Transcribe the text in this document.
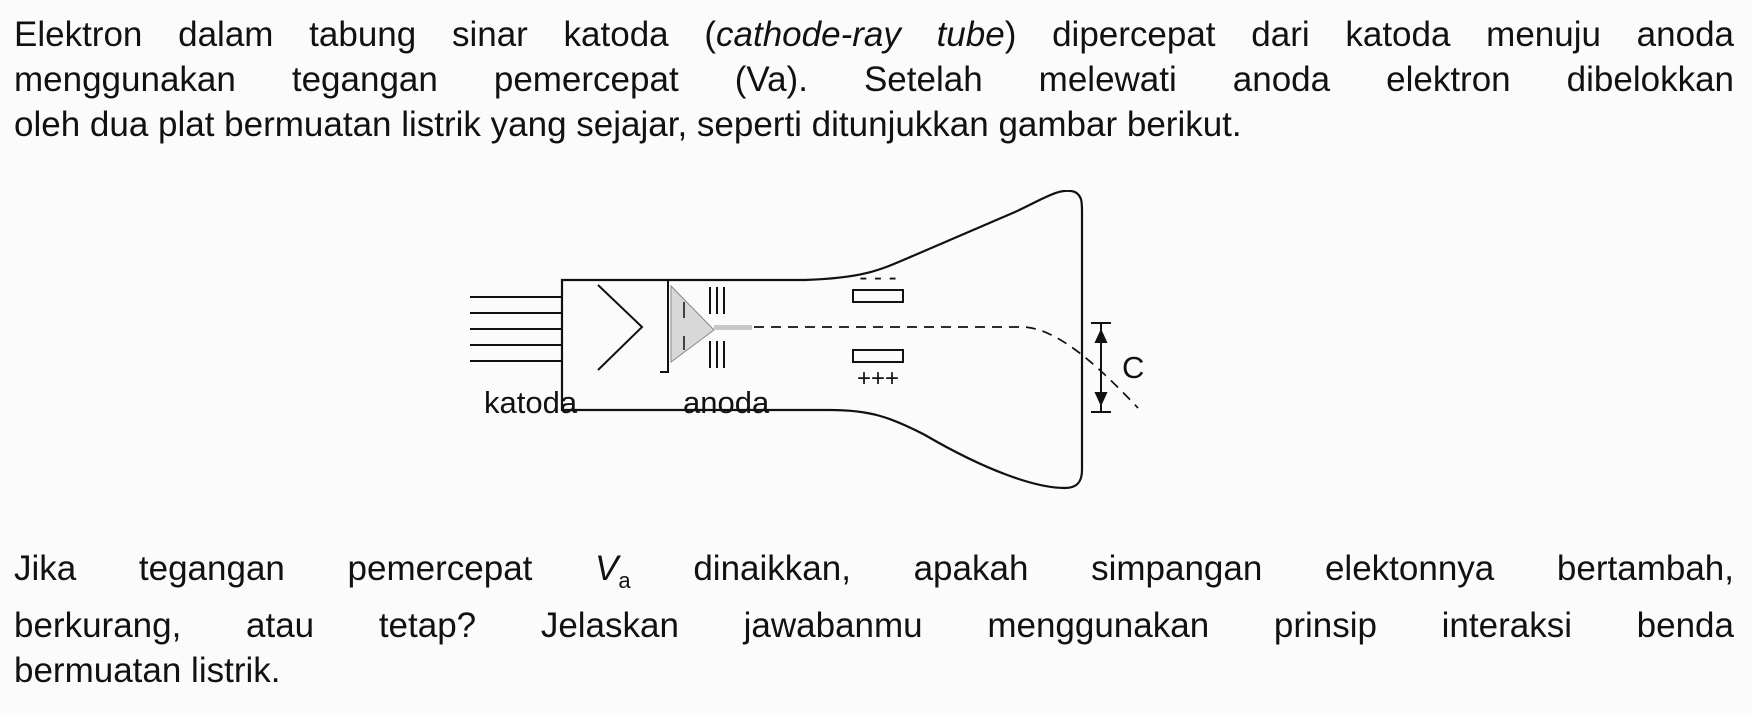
Elektron dalam tabung sinar katoda (cathode-ray tube) dipercepat dari katoda menuju anoda
menggunakan tegangan pemercepat (Va). Setelah melewati anoda elektron dibelokkan
oleh dua plat bermuatan listrik yang sejajar, seperti ditunjukkan gambar berikut.

- - -
+++	C
katoda	anoda

Jika tegangan pemercepat $V_a$ dinaikkan, apakah simpangan elektonnya bertambah,
berkurang, atau tetap? Jelaskan jawabanmu menggunakan prinsip interaksi benda
bermuatan listrik.
